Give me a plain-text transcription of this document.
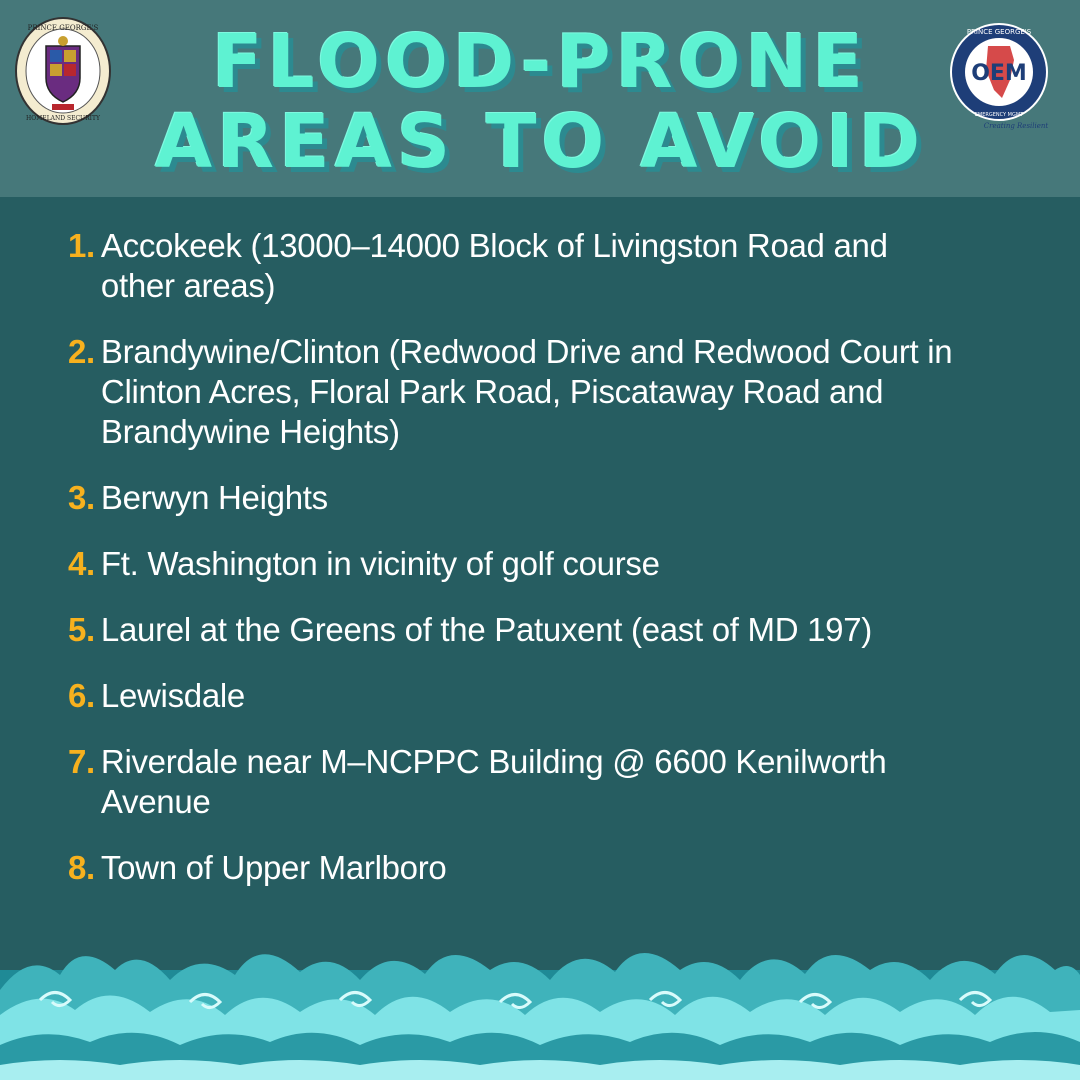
PRINCE GEORGE'S
HOMELAND SECURITY
FLOOD-PRONE
AREAS TO AVOID
OEM
PRINCE GEORGE'S
EMERGENCY MGMT
Creating Resilient
1. Accokeek (13000–14000 Block of Livingston Road and other areas)
2. Brandywine/Clinton (Redwood Drive and Redwood Court in Clinton Acres, Floral Park Road, Piscataway Road and Brandywine Heights)
3. Berwyn Heights
4. Ft. Washington in vicinity of golf course
5. Laurel at the Greens of the Patuxent (east of MD 197)
6. Lewisdale
7. Riverdale near M–NCPPC Building @ 6600 Kenilworth Avenue
8. Town of Upper Marlboro
